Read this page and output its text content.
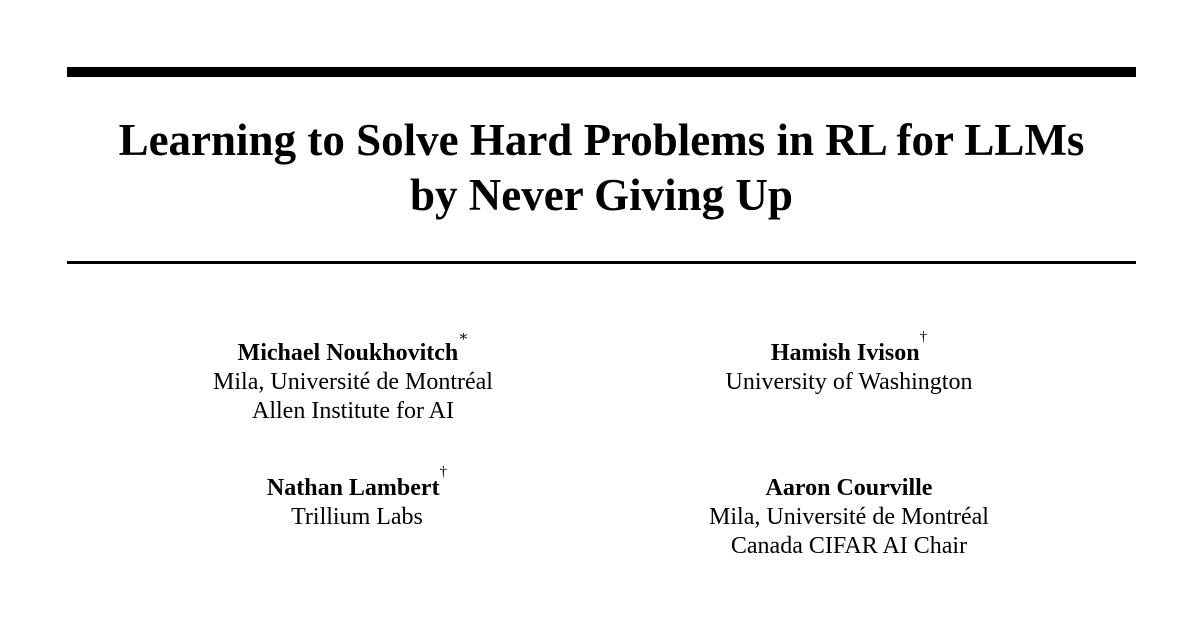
Learning to Solve Hard Problems in RL for LLMs
by Never Giving Up
Michael Noukhovitch∗
Mila, Université de Montréal
Allen Institute for AI
Hamish Ivison†
University of Washington
Nathan Lambert†
Trillium Labs
Aaron Courville
Mila, Université de Montréal
Canada CIFAR AI Chair
